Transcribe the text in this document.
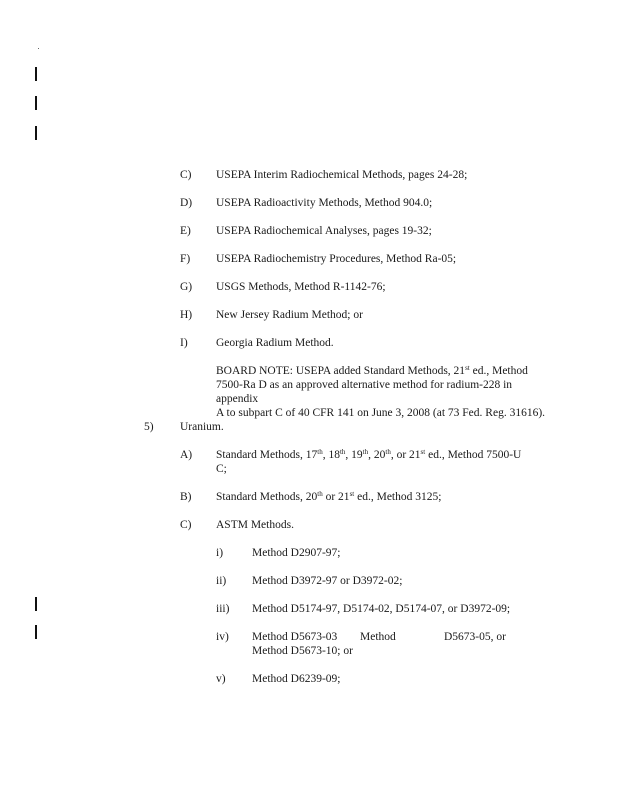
C) USEPA Interim Radiochemical Methods, pages 24-28;
D) USEPA Radioactivity Methods, Method 904.0;
E) USEPA Radiochemical Analyses, pages 19-32;
F) USEPA Radiochemistry Procedures, Method Ra-05;
G) USGS Methods, Method R-1142-76;
H) New Jersey Radium Method; or
I) Georgia Radium Method.

BOARD NOTE: USEPA added Standard Methods, 21st ed., Method

7500-Ra D as an approved alternative method for radium-228 in appendix

A to subpart C of 40 CFR 141 on June 3, 2008 (at 73 Fed. Reg. 31616).

5) Uranium.
A) Standard Methods, 17th, 18th, 19th, 20th, or 21st ed., Method 7500-U
C;
B) Standard Methods, 20th or 21st ed., Method 3125;
C) ASTM Methods.
i)	Method D2907-97;
ii) Method D3972-97 or D3972-02;
iii) Method D5174-97, D5174-02, D5174-07, or D3972-09;
iv) Method D5673-03 Method	D5673-05, or
Method D5673-10; or
v) Method D6239-09;
